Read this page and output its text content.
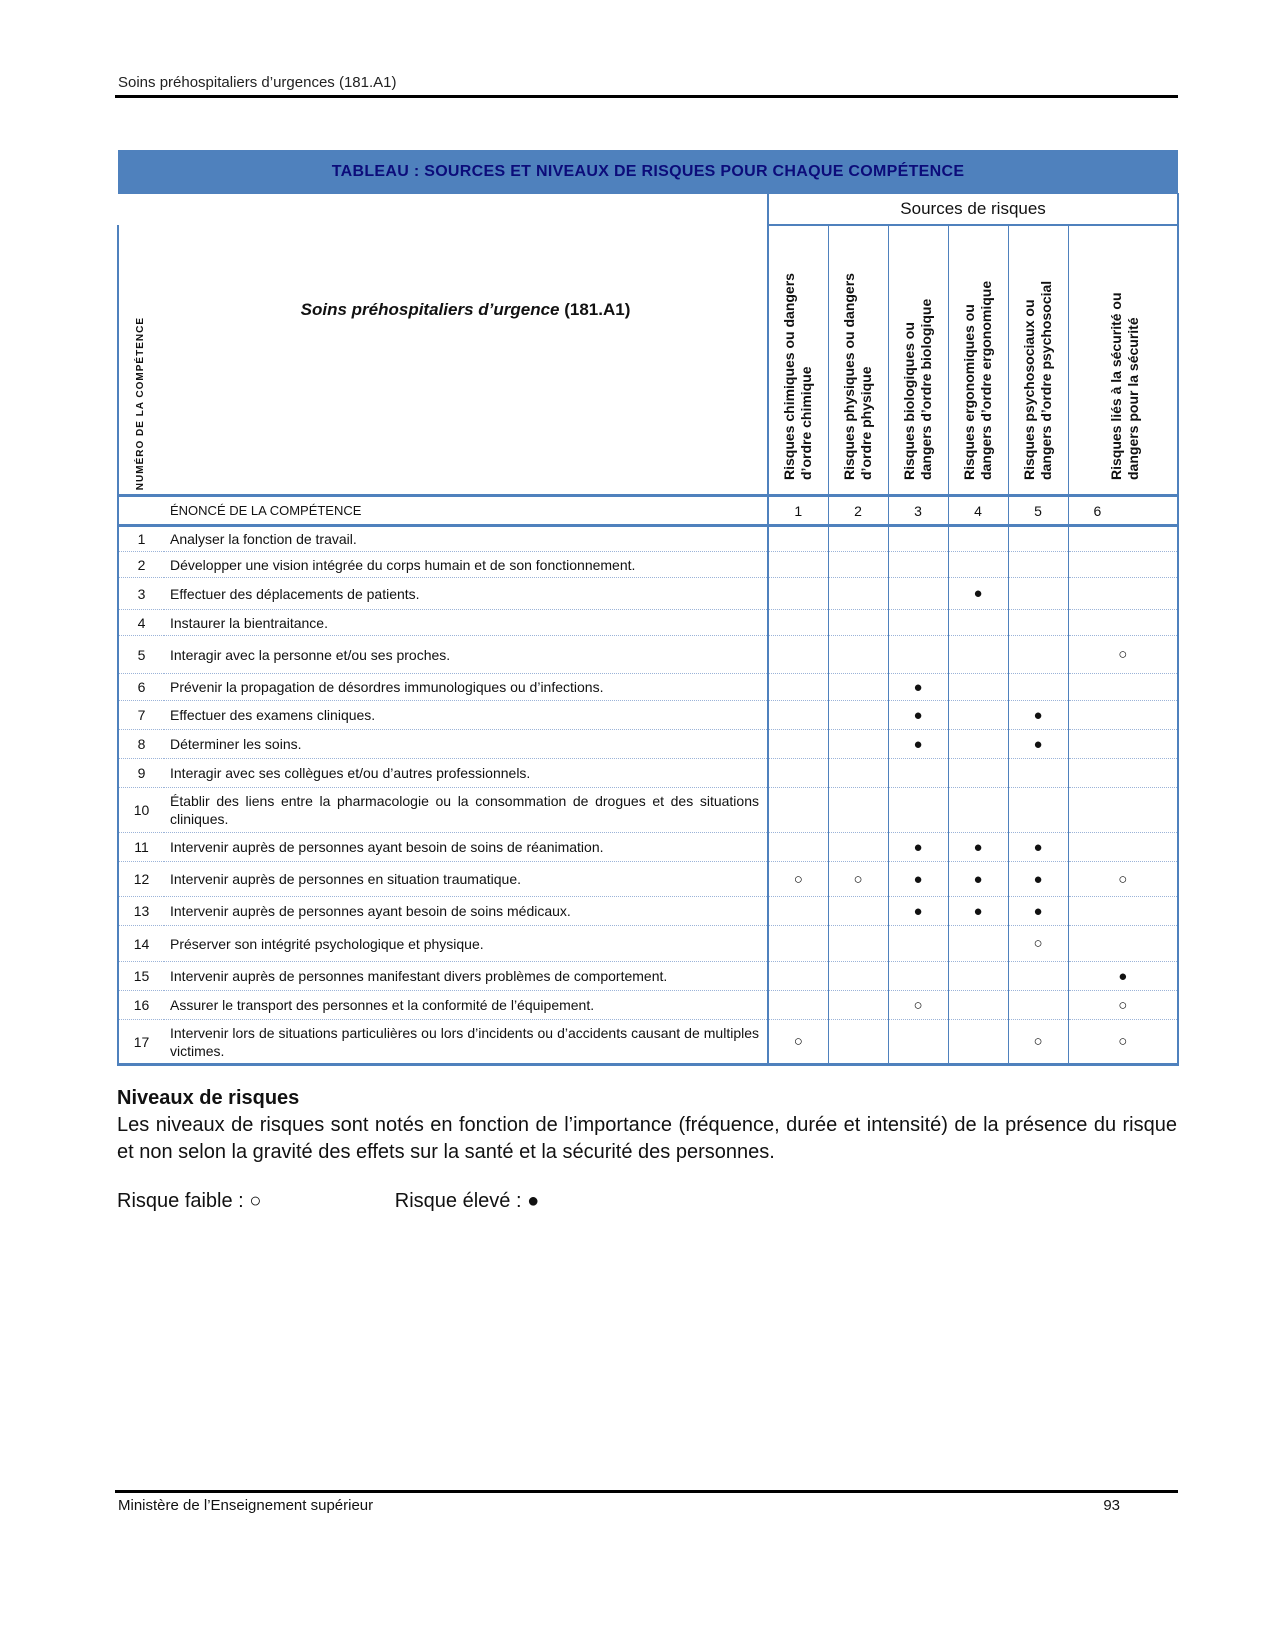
Soins préhospitaliers d’urgences (181.A1)
TABLEAU : SOURCES ET NIVEAUX DE RISQUES POUR CHAQUE COMPÉTENCE							
		Sources de risques					

NUMÉRO DE LA COMPÉTENCE	Soins préhospitaliers d’urgence (181.A1)	Risques chimiques ou dangers d’ordre chimique	Risques physiques ou dangers d’ordre physique	Risques biologiques ou dangers d’ordre biologique	Risques ergonomiques ou dangers d’ordre ergonomique	Risques psychosociaux ou dangers d’ordre psychosocial	Risques liés à la sécurité ou dangers pour la sécurité

	ÉNONCÉ DE LA COMPÉTENCE	1	2	3	4	5	6
1	Analyser la fonction de travail.						
2	Développer une vision intégrée du corps humain et de son fonctionnement.						
3	Effectuer des déplacements de patients.				●		
4	Instaurer la bientraitance.						
5	Interagir avec la personne et/ou ses proches.						○
6	Prévenir la propagation de désordres immunologiques ou d’infections.			●			
7	Effectuer des examens cliniques.			●		●	
8	Déterminer les soins.			●		●	
9	Interagir avec ses collègues et/ou d’autres professionnels.						
10	Établir des liens entre la pharmacologie ou la consommation de drogues et des situations cliniques.						
11	Intervenir auprès de personnes ayant besoin de soins de réanimation.			●	●	●	
12	Intervenir auprès de personnes en situation traumatique.	○	○	●	●	●	○
13	Intervenir auprès de personnes ayant besoin de soins médicaux.			●	●	●	
14	Préserver son intégrité psychologique et physique.					○	
15	Intervenir auprès de personnes manifestant divers problèmes de comportement.						●
16	Assurer le transport des personnes et la conformité de l’équipement.			○			○
17	Intervenir lors de situations particulières ou lors d’incidents ou d’accidents causant de multiples victimes.	○				○	○
Niveaux de risques
Les niveaux de risques sont notés en fonction de l’importance (fréquence, durée et intensité) de la présence du risque et non selon la gravité des effets sur la santé et la sécurité des personnes.
Risque faible : ○	Risque élevé : ●
Ministère de l’Enseignement supérieur	93
